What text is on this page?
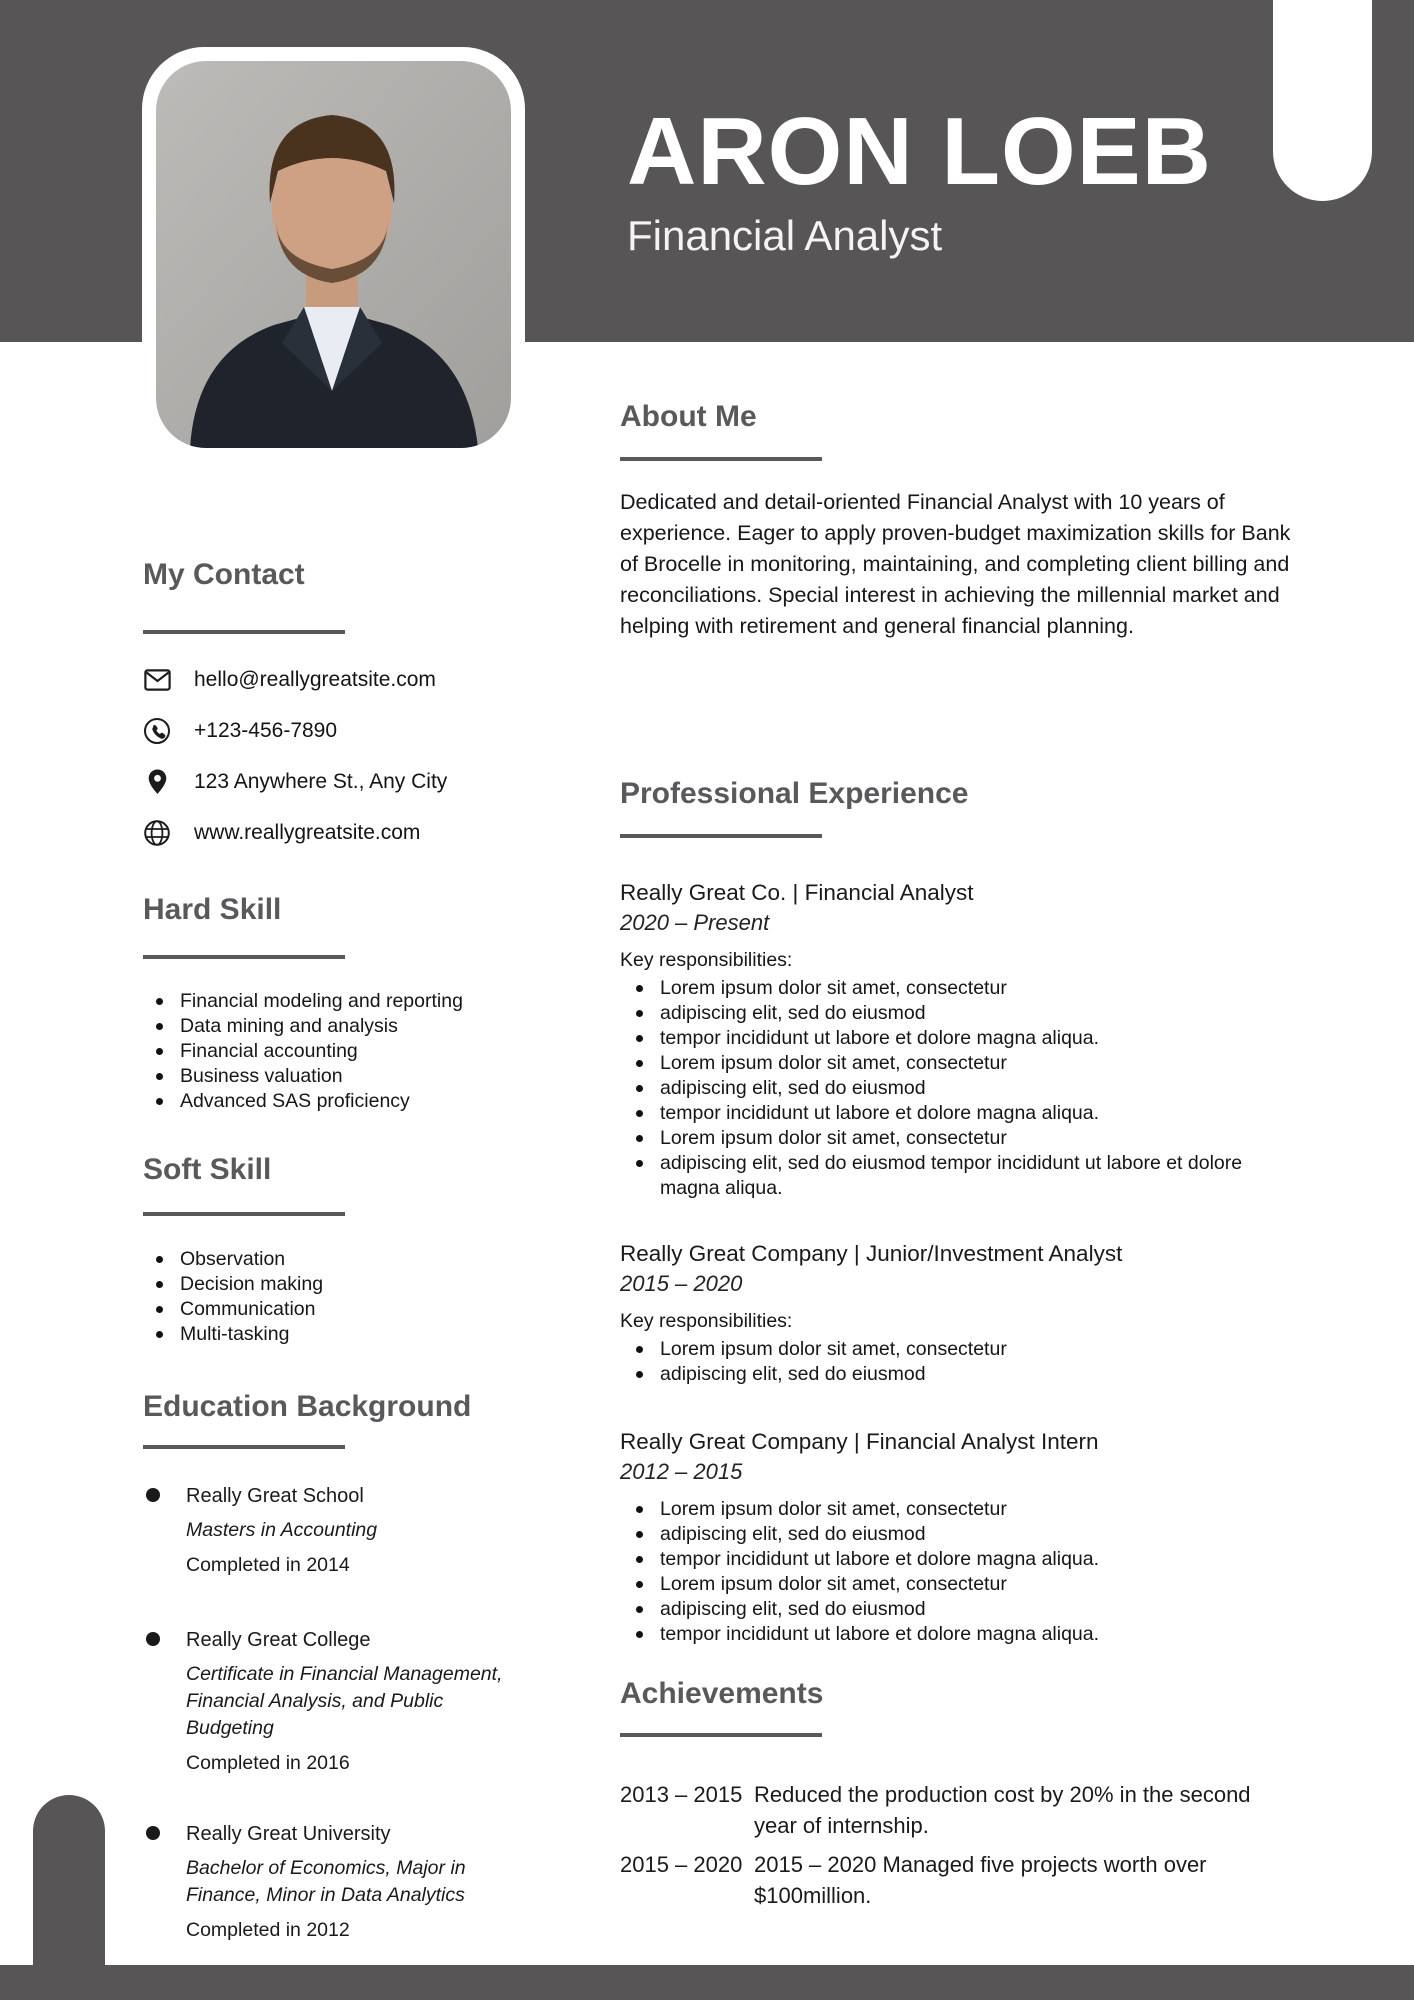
ARON LOEB
Financial Analyst
My Contact
hello@reallygreatsite.com
+123-456-7890
123 Anywhere St., Any City
www.reallygreatsite.com
Hard Skill
Financial modeling and reporting
Data mining and analysis
Financial accounting
Business valuation
Advanced SAS proficiency
Soft Skill
Observation
Decision making
Communication
Multi-tasking
Education Background
Really Great School
Masters in Accounting
Completed in 2014
Really Great College
Certificate in Financial Management, Financial Analysis, and Public Budgeting
Completed in 2016
Really Great University
Bachelor of Economics, Major in Finance, Minor in Data Analytics
Completed in 2012
About Me

Dedicated and detail-oriented Financial Analyst with 10 years of experience. Eager to apply proven-budget maximization skills for Bank of Brocelle in monitoring, maintaining, and completing client billing and reconciliations. Special interest in achieving the millennial market and helping with retirement and general financial planning.

Professional Experience
Really Great Co. | Financial Analyst
2020 – Present
Key responsibilities:
Lorem ipsum dolor sit amet, consectetur
adipiscing elit, sed do eiusmod
tempor incididunt ut labore et dolore magna aliqua.
Lorem ipsum dolor sit amet, consectetur
adipiscing elit, sed do eiusmod
tempor incididunt ut labore et dolore magna aliqua.
Lorem ipsum dolor sit amet, consectetur
adipiscing elit, sed do eiusmod tempor incididunt ut labore et dolore magna aliqua.
Really Great Company | Junior/Investment Analyst
2015 – 2020
Key responsibilities:
Lorem ipsum dolor sit amet, consectetur
adipiscing elit, sed do eiusmod
Really Great Company | Financial Analyst Intern
2012 – 2015
Lorem ipsum dolor sit amet, consectetur
adipiscing elit, sed do eiusmod
tempor incididunt ut labore et dolore magna aliqua.
Lorem ipsum dolor sit amet, consectetur
adipiscing elit, sed do eiusmod
tempor incididunt ut labore et dolore magna aliqua.
Achievements
2013 – 2015 Reduced the production cost by 20% in the second year of internship.
2015 – 2020 2015 – 2020 Managed five projects worth over $100million.
